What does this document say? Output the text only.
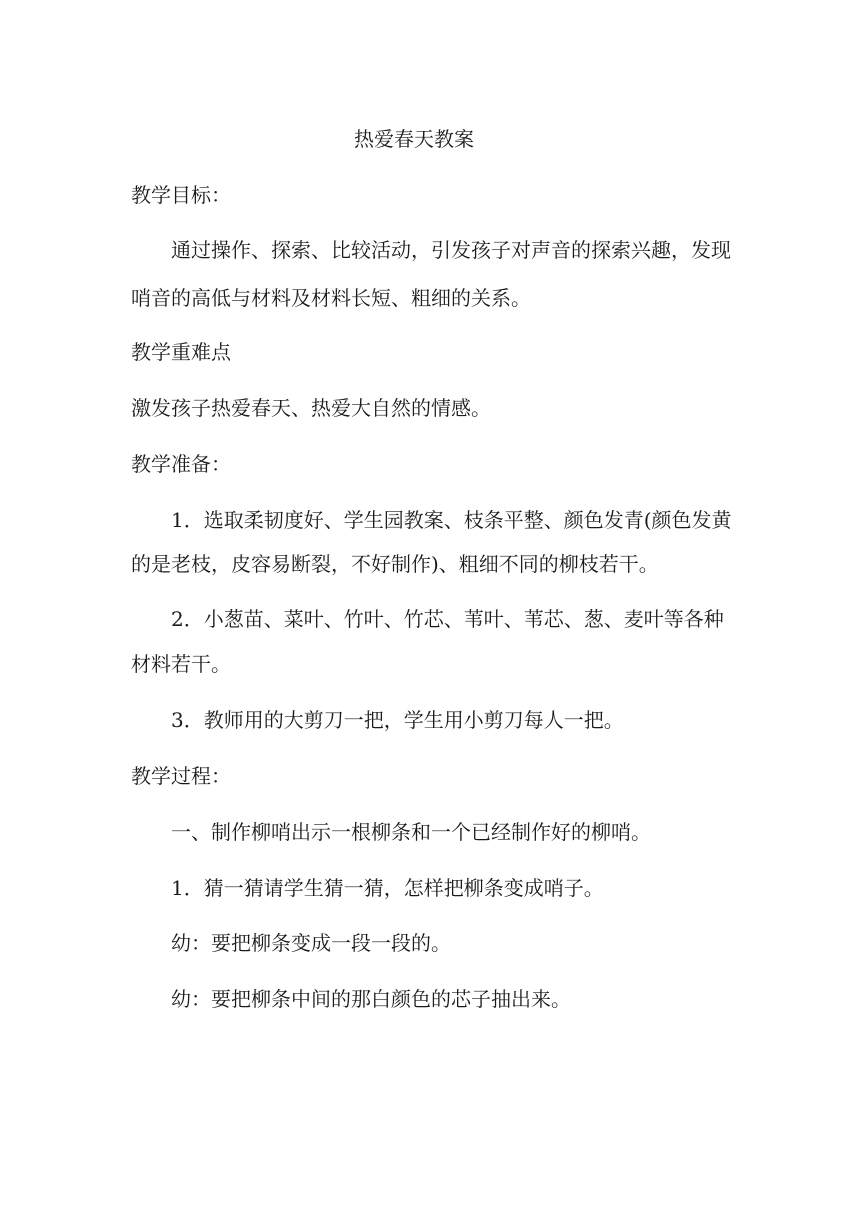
热爱春天教案
教学目标：
通过操作、探索、比较活动，引发孩子对声音的探索兴趣，发现
哨音的高低与材料及材料长短、粗细的关系。
教学重难点
激发孩子热爱春天、热爱大自然的情感。
教学准备：
1．选取柔韧度好、学生园教案、枝条平整、颜色发青(颜色发黄
的是老枝，皮容易断裂，不好制作)、粗细不同的柳枝若干。
2．小葱苗、菜叶、竹叶、竹芯、苇叶、苇芯、葱、麦叶等各种
材料若干。
3．教师用的大剪刀一把，学生用小剪刀每人一把。
教学过程：
一、制作柳哨出示一根柳条和一个已经制作好的柳哨。
1．猜一猜请学生猜一猜，怎样把柳条变成哨子。
幼：要把柳条变成一段一段的。
幼：要把柳条中间的那白颜色的芯子抽出来。
